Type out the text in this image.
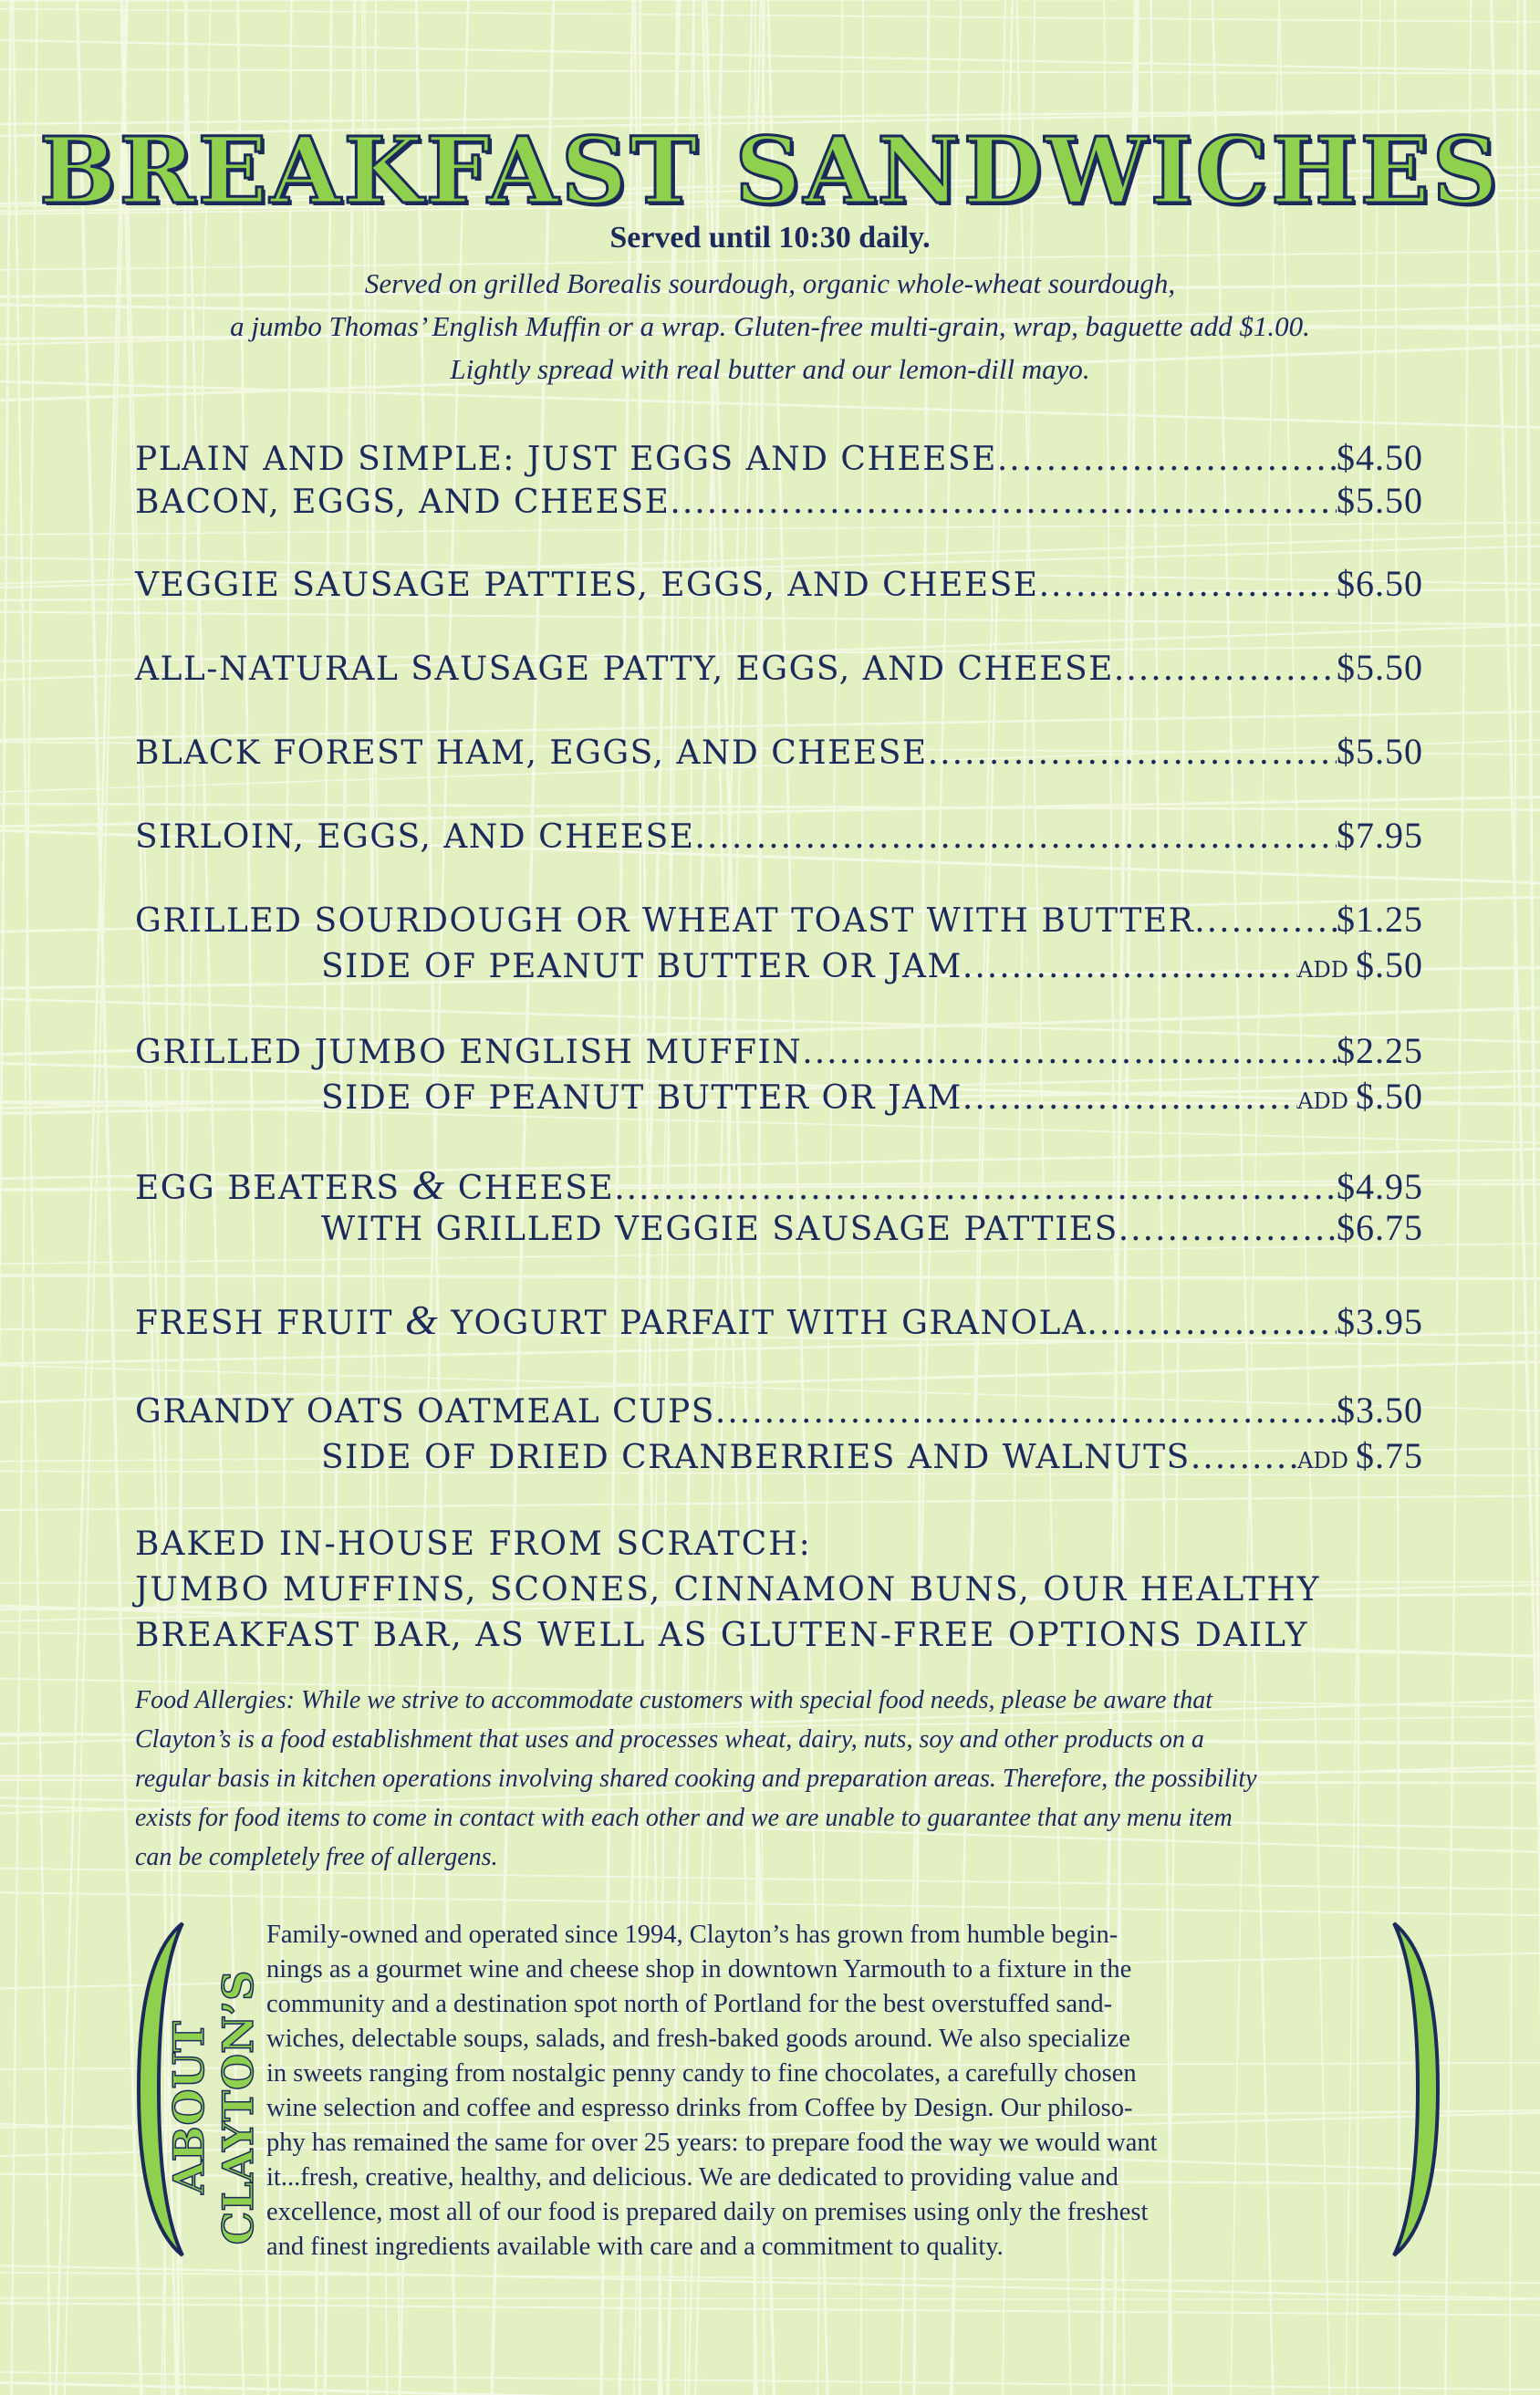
BREAKFAST SANDWICHES
Served until 10:30 daily.
Served on grilled Borealis sourdough, organic whole-wheat sourdough,
a jumbo Thomas’ English Muffin or a wrap. Gluten-free multi-grain, wrap, baguette add $1.00.
Lightly spread with real butter and our lemon-dill mayo.
PLAIN AND SIMPLE: JUST EGGS AND CHEESE .....	$4.50
BACON, EGGS, AND CHEESE .....	$5.50
VEGGIE SAUSAGE PATTIES, EGGS, AND CHEESE .....	$6.50
ALL-NATURAL SAUSAGE PATTY, EGGS, AND CHEESE .....	$5.50
BLACK FOREST HAM, EGGS, AND CHEESE .....	$5.50
SIRLOIN, EGGS, AND CHEESE .....	$7.95
GRILLED SOURDOUGH OR WHEAT TOAST WITH BUTTER .....	$1.25
SIDE OF PEANUT BUTTER OR JAM .....	ADD $.50
GRILLED JUMBO ENGLISH MUFFIN .....	$2.25
SIDE OF PEANUT BUTTER OR JAM .....	ADD $.50
EGG BEATERS & CHEESE .....	$4.95
WITH GRILLED VEGGIE SAUSAGE PATTIES .....	$6.75
FRESH FRUIT & YOGURT PARFAIT WITH GRANOLA .....	$3.95
GRANDY OATS OATMEAL CUPS .....	$3.50
SIDE OF DRIED CRANBERRIES AND WALNUTS .....	ADD $.75
BAKED IN-HOUSE FROM SCRATCH:
JUMBO MUFFINS, SCONES, CINNAMON BUNS, OUR HEALTHY
BREAKFAST BAR, AS WELL AS GLUTEN-FREE OPTIONS DAILY
Food Allergies: While we strive to accommodate customers with special food needs, please be aware that
Clayton’s is a food establishment that uses and processes wheat, dairy, nuts, soy and other products on a
regular basis in kitchen operations involving shared cooking and preparation areas. Therefore, the possibility
exists for food items to come in contact with each other and we are unable to guarantee that any menu item
can be completely free of allergens.
ABOUT CLAYTON’S
Family-owned and operated since 1994, Clayton’s has grown from humble begin-
nings as a gourmet wine and cheese shop in downtown Yarmouth to a fixture in the
community and a destination spot north of Portland for the best overstuffed sand-
wiches, delectable soups, salads, and fresh-baked goods around. We also specialize
in sweets ranging from nostalgic penny candy to fine chocolates, a carefully chosen
wine selection and coffee and espresso drinks from Coffee by Design. Our philoso-
phy has remained the same for over 25 years: to prepare food the way we would want
it...fresh, creative, healthy, and delicious. We are dedicated to providing value and
excellence, most all of our food is prepared daily on premises using only the freshest
and finest ingredients available with care and a commitment to quality.
